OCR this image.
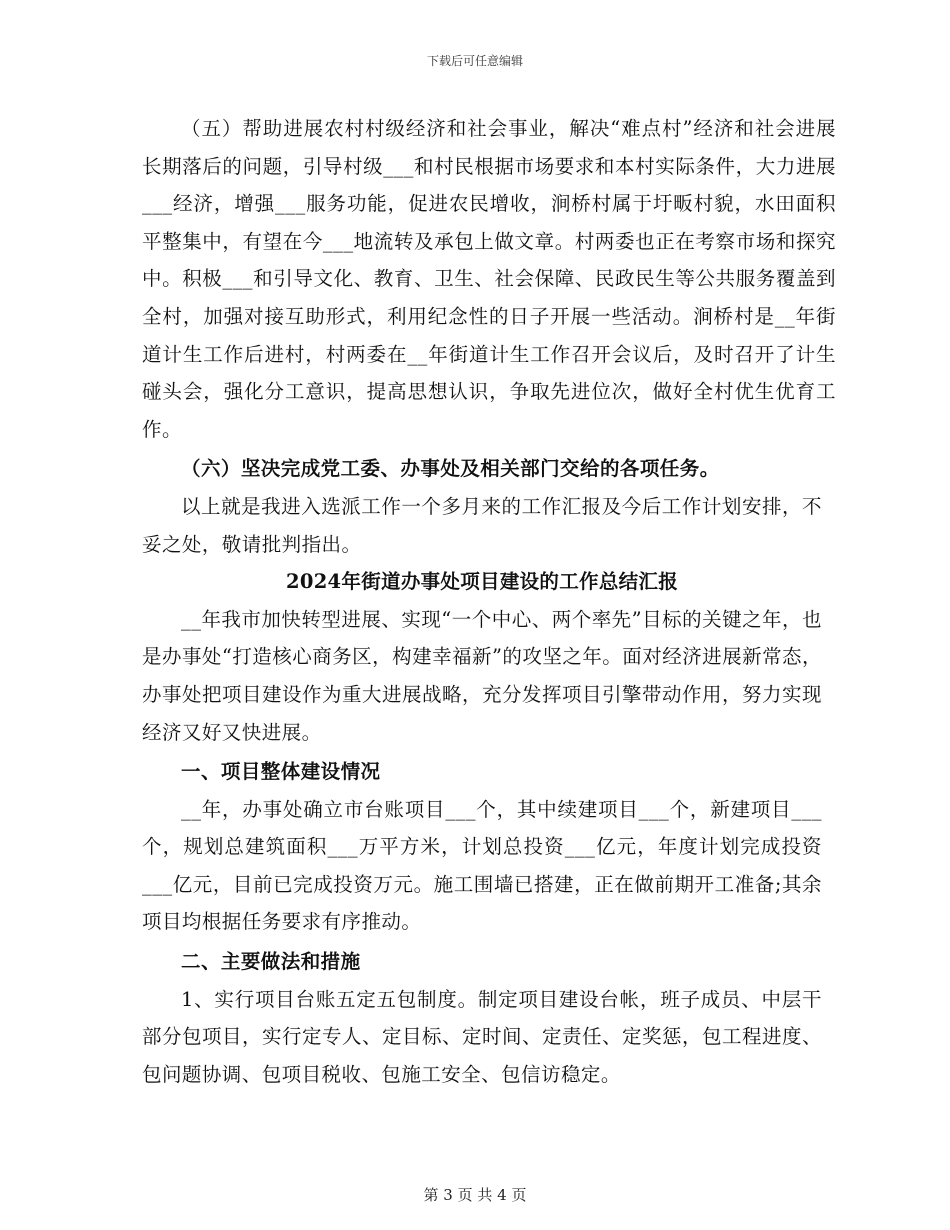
下载后可任意编辑

（五）帮助进展农村村级经济和社会事业，解决“难点村”经济和社会进展长期落后的问题，引导村级___和村民根据市场要求和本村实际条件，大力进展___经济，增强___服务功能，促进农民增收，涧桥村属于圩畈村貌，水田面积平整集中，有望在今___地流转及承包上做文章。村两委也正在考察市场和探究中。积极___和引导文化、教育、卫生、社会保障、民政民生等公共服务覆盖到全村，加强对接互助形式，利用纪念性的日子开展一些活动。涧桥村是__年街道计生工作后进村，村两委在__年街道计生工作召开会议后，及时召开了计生碰头会，强化分工意识，提高思想认识，争取先进位次，做好全村优生优育工作。

（六）坚决完成党工委、办事处及相关部门交给的各项任务。

以上就是我进入选派工作一个多月来的工作汇报及今后工作计划安排，不妥之处，敬请批判指出。

2024年街道办事处项目建设的工作总结汇报

__年我市加快转型进展、实现“一个中心、两个率先”目标的关键之年，也是办事处“打造核心商务区，构建幸福新”的攻坚之年。面对经济进展新常态，办事处把项目建设作为重大进展战略，充分发挥项目引擎带动作用，努力实现经济又好又快进展。

一、项目整体建设情况

__年，办事处确立市台账项目___个，其中续建项目___个，新建项目___个，规划总建筑面积___万平方米，计划总投资___亿元，年度计划完成投资___亿元，目前已完成投资万元。施工围墙已搭建，正在做前期开工准备;其余项目均根据任务要求有序推动。

二、主要做法和措施

1、实行项目台账五定五包制度。制定项目建设台帐，班子成员、中层干部分包项目，实行定专人、定目标、定时间、定责任、定奖惩，包工程进度、包问题协调、包项目税收、包施工安全、包信访稳定。

第 3 页 共 4 页
